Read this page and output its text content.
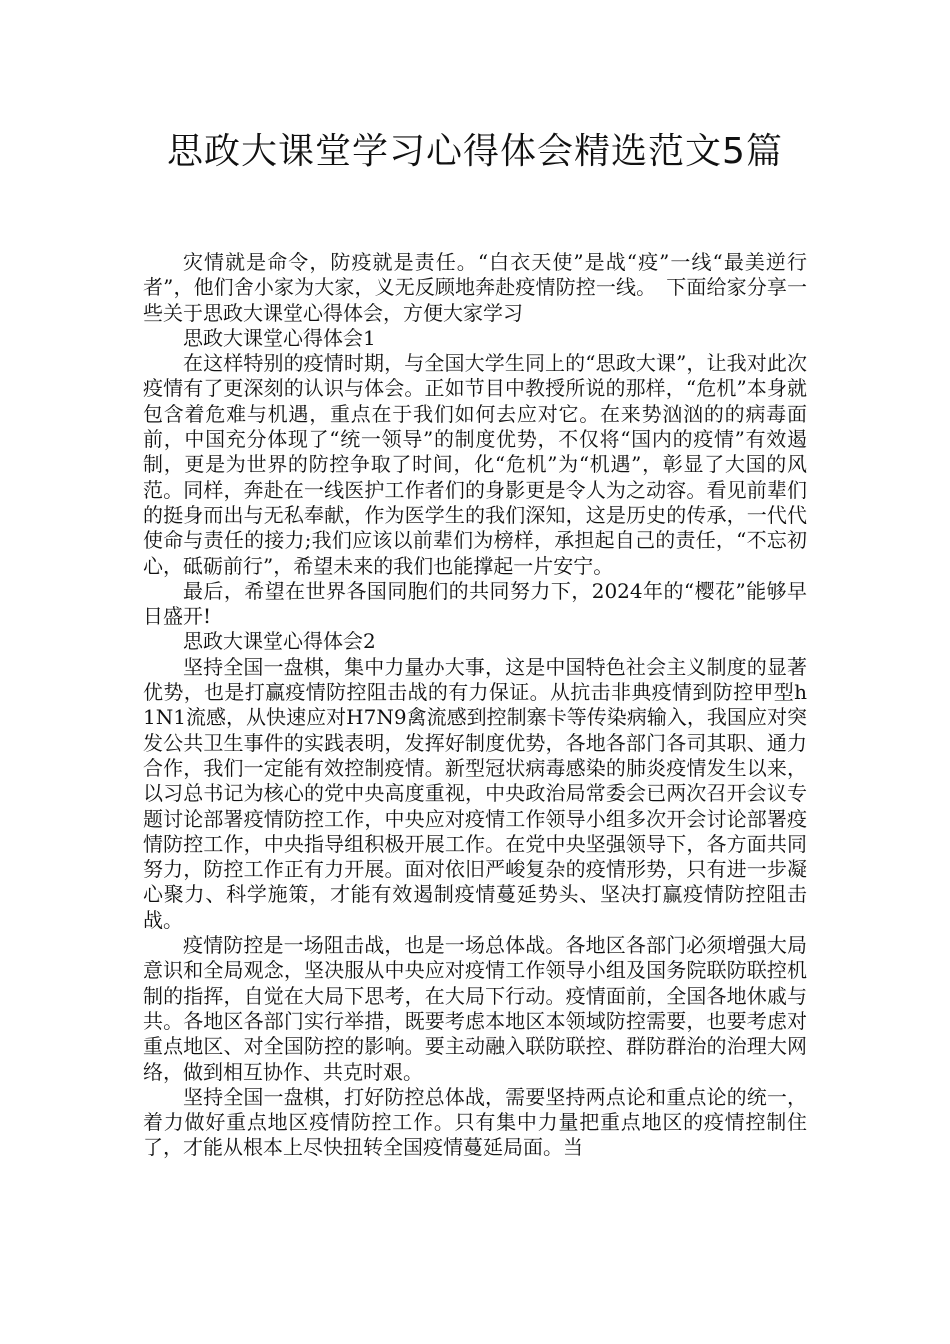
思政大课堂学习心得体会精选范文5篇

灾情就是命令，防疫就是责任。“白衣天使”是战“疫”一线“最美逆行者”，他们舍小家为大家，义无反顾地奔赴疫情防控一线。　下面给家分享一些关于思政大课堂心得体会，方便大家学习

思政大课堂心得体会1

在这样特别的疫情时期，与全国大学生同上的“思政大课”，让我对此次疫情有了更深刻的认识与体会。正如节目中教授所说的那样，“危机”本身就包含着危难与机遇，重点在于我们如何去应对它。在来势汹汹的的病毒面前，中国充分体现了“统一领导”的制度优势，不仅将“国内的疫情”有效遏制，更是为世界的防控争取了时间，化“危机”为“机遇”，彰显了大国的风范。同样，奔赴在一线医护工作者们的身影更是令人为之动容。看见前辈们的挺身而出与无私奉献，作为医学生的我们深知，这是历史的传承，一代代使命与责任的接力;我们应该以前辈们为榜样，承担起自己的责任，“不忘初心，砥砺前行”，希望未来的我们也能撑起一片安宁。

最后，希望在世界各国同胞们的共同努力下，2024年的“樱花”能够早日盛开!

思政大课堂心得体会2

坚持全国一盘棋，集中力量办大事，这是中国特色社会主义制度的显著优势，也是打赢疫情防控阻击战的有力保证。从抗击非典疫情到防控甲型h1N1流感，从快速应对H7N9禽流感到控制寨卡等传染病输入，我国应对突发公共卫生事件的实践表明，发挥好制度优势，各地各部门各司其职、通力合作，我们一定能有效控制疫情。新型冠状病毒感染的肺炎疫情发生以来，以习总书记为核心的党中央高度重视，中央政治局常委会已两次召开会议专题讨论部署疫情防控工作，中央应对疫情工作领导小组多次开会讨论部署疫情防控工作，中央指导组积极开展工作。在党中央坚强领导下，各方面共同努力，防控工作正有力开展。面对依旧严峻复杂的疫情形势，只有进一步凝心聚力、科学施策，才能有效遏制疫情蔓延势头、坚决打赢疫情防控阻击战。

疫情防控是一场阻击战，也是一场总体战。各地区各部门必须增强大局意识和全局观念，坚决服从中央应对疫情工作领导小组及国务院联防联控机制的指挥，自觉在大局下思考，在大局下行动。疫情面前，全国各地休戚与共。各地区各部门实行举措，既要考虑本地区本领域防控需要，也要考虑对重点地区、对全国防控的影响。要主动融入联防联控、群防群治的治理大网络，做到相互协作、共克时艰。

坚持全国一盘棋，打好防控总体战，需要坚持两点论和重点论的统一，着力做好重点地区疫情防控工作。只有集中力量把重点地区的疫情控制住了，才能从根本上尽快扭转全国疫情蔓延局面。当
